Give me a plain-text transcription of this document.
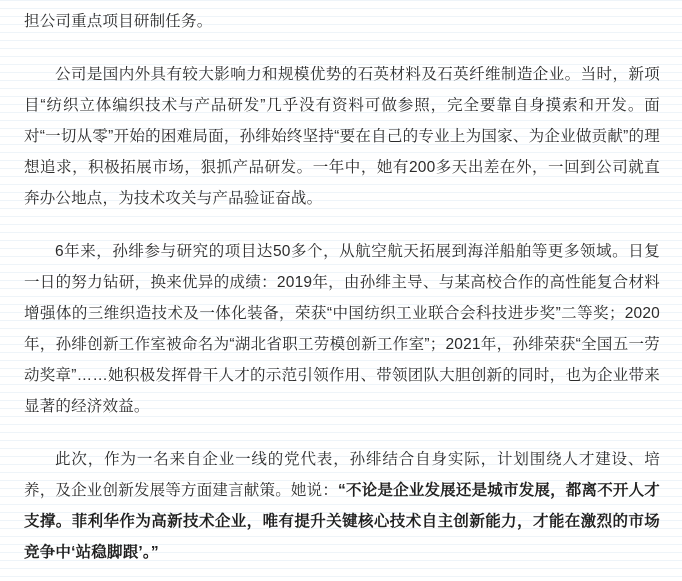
担公司重点项目研制任务。

公司是国内外具有较大影响力和规模优势的石英材料及石英纤维制造企业。当时，新项目“纺织立体编织技术与产品研发”几乎没有资料可做参照，完全要靠自身摸索和开发。面对“一切从零”开始的困难局面，孙绯始终坚持“要在自己的专业上为国家、为企业做贡献”的理想追求，积极拓展市场，狠抓产品研发。一年中，她有200多天出差在外，一回到公司就直奔办公地点，为技术攻关与产品验证奋战。

6年来，孙绯参与研究的项目达50多个，从航空航天拓展到海洋船舶等更多领域。日复一日的努力钻研，换来优异的成绩：2019年，由孙绯主导、与某高校合作的高性能复合材料增强体的三维织造技术及一体化装备，荣获“中国纺织工业联合会科技进步奖”二等奖；2020年，孙绯创新工作室被命名为“湖北省职工劳模创新工作室”；2021年，孙绯荣获“全国五一劳动奖章”……她积极发挥骨干人才的示范引领作用、带领团队大胆创新的同时，也为企业带来显著的经济效益。

此次，作为一名来自企业一线的党代表，孙绯结合自身实际，计划围绕人才建设、培养，及企业创新发展等方面建言献策。她说：“不论是企业发展还是城市发展，都离不开人才支撑。菲利华作为高新技术企业，唯有提升关键核心技术自主创新能力，才能在激烈的市场竞争中‘站稳脚跟’。”
